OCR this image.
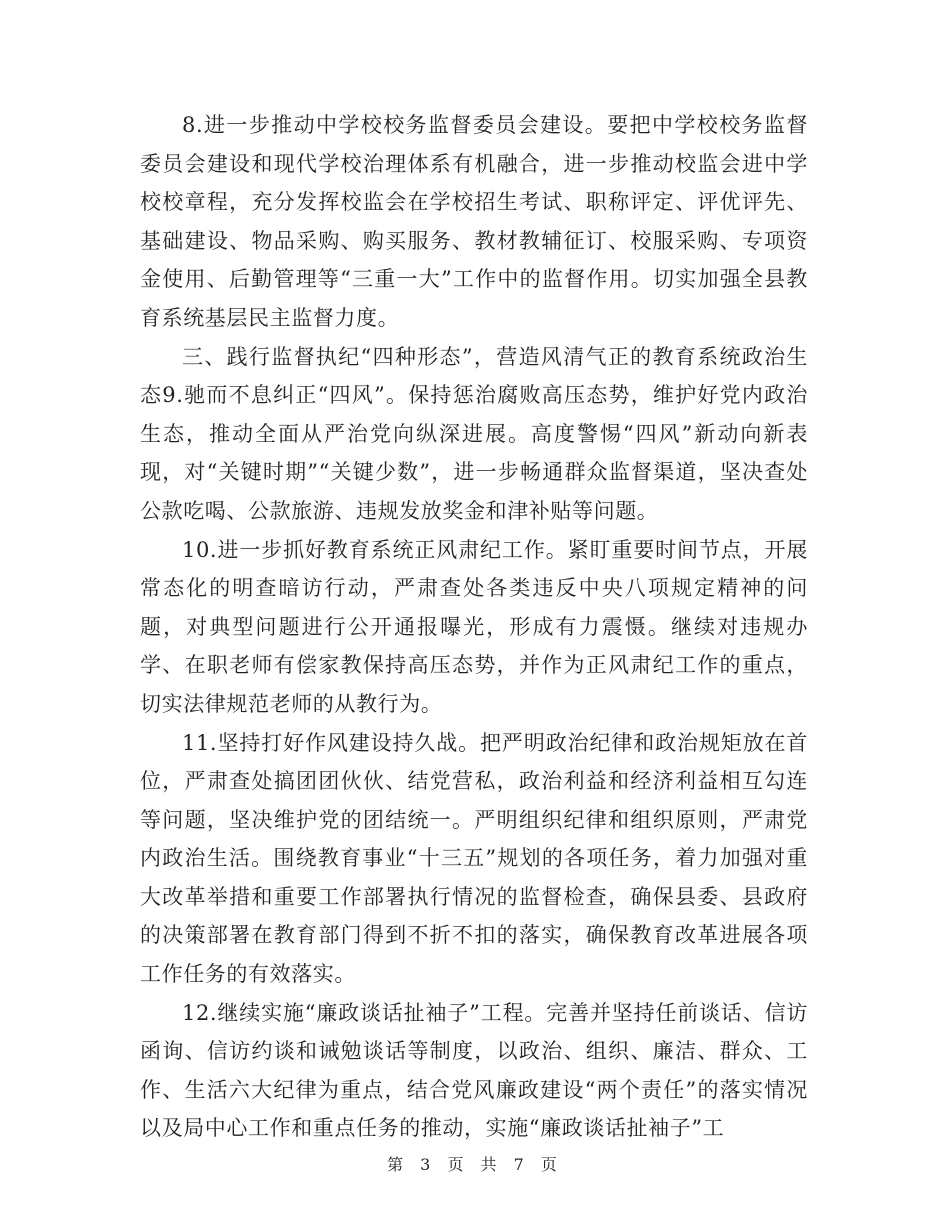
8.进一步推动中学校校务监督委员会建设。要把中学校校务监督委员会建设和现代学校治理体系有机融合，进一步推动校监会进中学校校章程，充分发挥校监会在学校招生考试、职称评定、评优评先、基础建设、物品采购、购买服务、教材教辅征订、校服采购、专项资金使用、后勤管理等“三重一大”工作中的监督作用。切实加强全县教育系统基层民主监督力度。

三、践行监督执纪“四种形态”，营造风清气正的教育系统政治生态9.驰而不息纠正“四风”。保持惩治腐败高压态势，维护好党内政治生态，推动全面从严治党向纵深进展。高度警惕“四风”新动向新表现，对“关键时期”“关键少数”，进一步畅通群众监督渠道，坚决查处公款吃喝、公款旅游、违规发放奖金和津补贴等问题。

10.进一步抓好教育系统正风肃纪工作。紧盯重要时间节点，开展常态化的明查暗访行动，严肃查处各类违反中央八项规定精神的问题，对典型问题进行公开通报曝光，形成有力震慑。继续对违规办学、在职老师有偿家教保持高压态势，并作为正风肃纪工作的重点，切实法律规范老师的从教行为。

11.坚持打好作风建设持久战。把严明政治纪律和政治规矩放在首位，严肃查处搞团团伙伙、结党营私，政治利益和经济利益相互勾连等问题，坚决维护党的团结统一。严明组织纪律和组织原则，严肃党内政治生活。围绕教育事业“十三五”规划的各项任务，着力加强对重大改革举措和重要工作部署执行情况的监督检查，确保县委、县政府的决策部署在教育部门得到不折不扣的落实，确保教育改革进展各项工作任务的有效落实。

12.继续实施“廉政谈话扯袖子”工程。完善并坚持任前谈话、信访函询、信访约谈和诫勉谈话等制度，以政治、组织、廉洁、群众、工作、生活六大纪律为重点，结合党风廉政建设“两个责任”的落实情况以及局中心工作和重点任务的推动，实施“廉政谈话扯袖子”工

第 3 页 共 7 页
